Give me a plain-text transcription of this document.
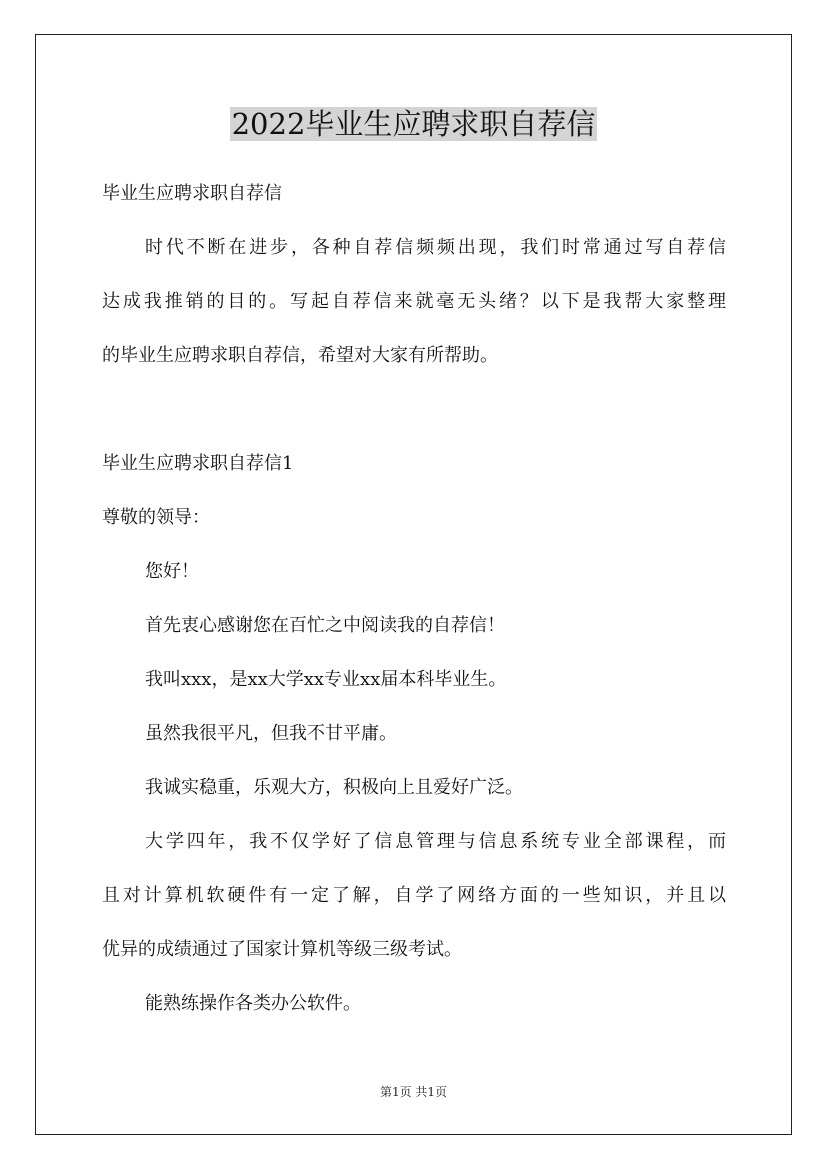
2022毕业生应聘求职自荐信
毕业生应聘求职自荐信
时代不断在进步，各种自荐信频频出现，我们时常通过写自荐信
达成我推销的目的。写起自荐信来就毫无头绪？以下是我帮大家整理
的毕业生应聘求职自荐信，希望对大家有所帮助。
毕业生应聘求职自荐信1
尊敬的领导：
您好！
首先衷心感谢您在百忙之中阅读我的自荐信！
我叫xxx，是xx大学xx专业xx届本科毕业生。
虽然我很平凡，但我不甘平庸。
我诚实稳重，乐观大方，积极向上且爱好广泛。
大学四年，我不仅学好了信息管理与信息系统专业全部课程，而
且对计算机软硬件有一定了解，自学了网络方面的一些知识，并且以
优异的成绩通过了国家计算机等级三级考试。
能熟练操作各类办公软件。
第1页 共1页
